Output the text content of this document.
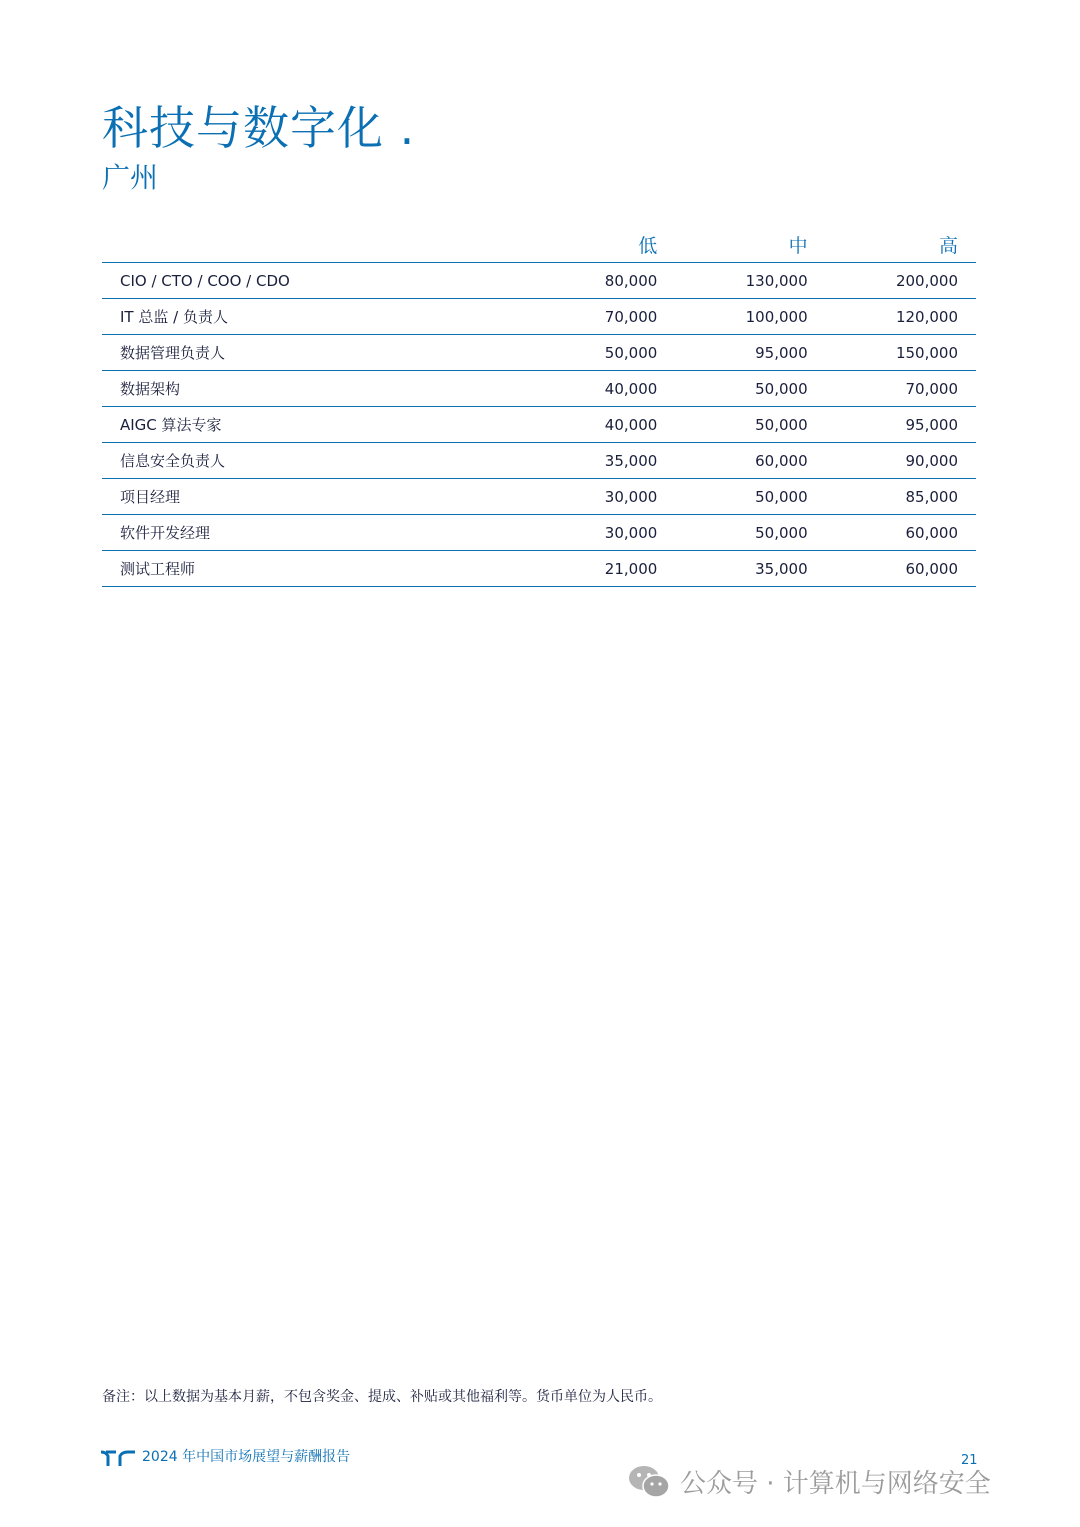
科技与数字化 .
广州
	低	中	高
CIO / CTO / COO / CDO	80,000	130,000	200,000
IT 总监 / 负责人	70,000	100,000	120,000
数据管理负责人	50,000	95,000	150,000
数据架构	40,000	50,000	70,000
AIGC 算法专家	40,000	50,000	95,000
信息安全负责人	35,000	60,000	90,000
项目经理	30,000	50,000	85,000
软件开发经理	30,000	50,000	60,000
测试工程师	21,000	35,000	60,000
备注：以上数据为基本月薪，不包含奖金、提成、补贴或其他福利等。货币单位为人民币。
2024 年中国市场展望与薪酬报告	21
公众号 · 计算机与网络安全
